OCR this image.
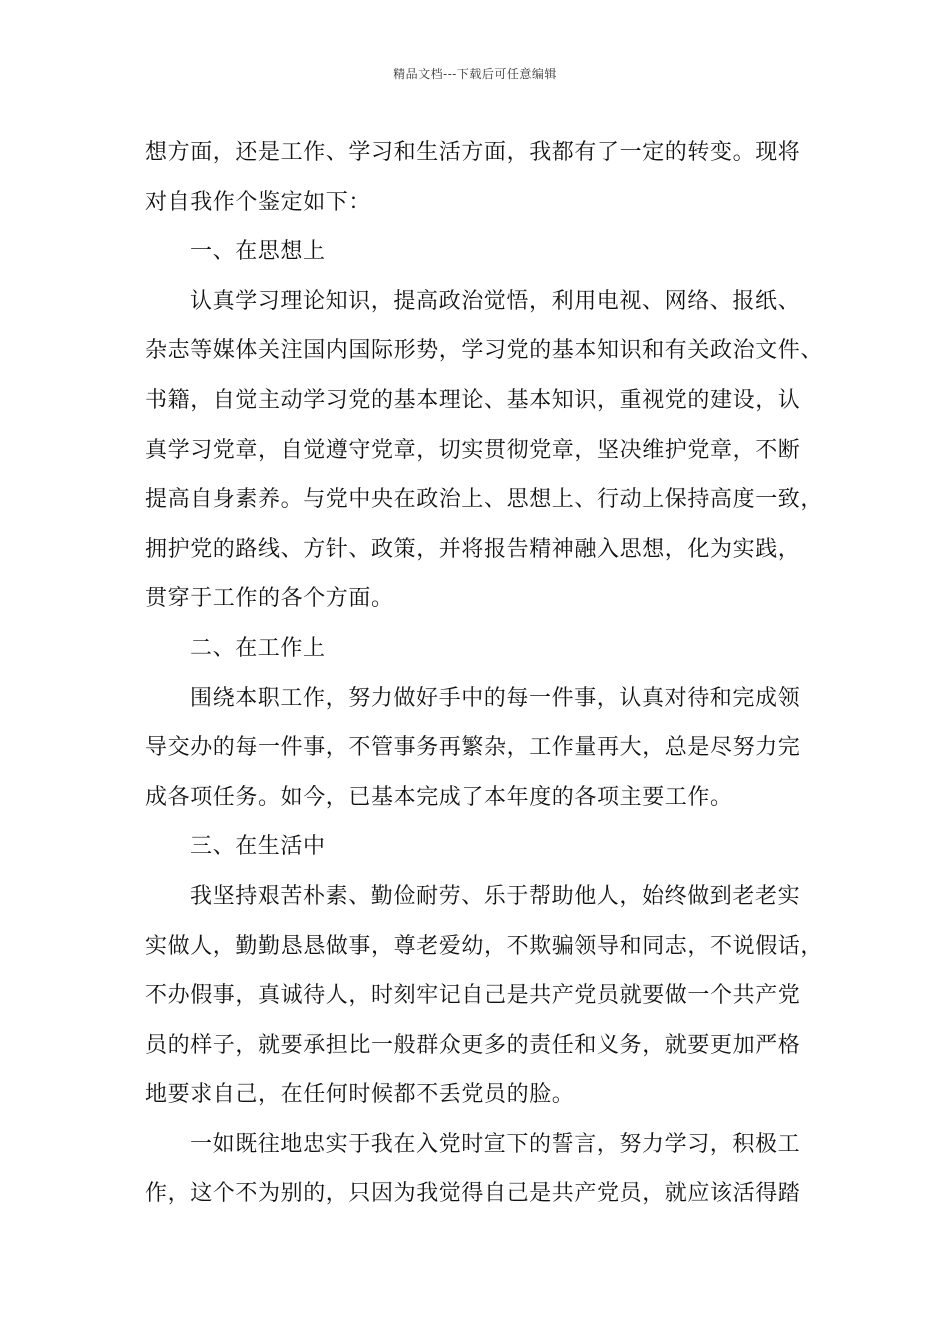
精品文档---下载后可任意编辑
想方面，还是工作、学习和生活方面，我都有了一定的转变。现将
对自我作个鉴定如下：
一、在思想上
认真学习理论知识，提高政治觉悟，利用电视、网络、报纸、
杂志等媒体关注国内国际形势，学习党的基本知识和有关政治文件、
书籍，自觉主动学习党的基本理论、基本知识，重视党的建设，认
真学习党章，自觉遵守党章，切实贯彻党章，坚决维护党章，不断
提高自身素养。与党中央在政治上、思想上、行动上保持高度一致，
拥护党的路线、方针、政策，并将报告精神融入思想，化为实践，
贯穿于工作的各个方面。
二、在工作上
围绕本职工作，努力做好手中的每一件事，认真对待和完成领
导交办的每一件事，不管事务再繁杂，工作量再大，总是尽努力完
成各项任务。如今，已基本完成了本年度的各项主要工作。
三、在生活中
我坚持艰苦朴素、勤俭耐劳、乐于帮助他人，始终做到老老实
实做人，勤勤恳恳做事，尊老爱幼，不欺骗领导和同志，不说假话，
不办假事，真诚待人，时刻牢记自己是共产党员就要做一个共产党
员的样子，就要承担比一般群众更多的责任和义务，就要更加严格
地要求自己，在任何时候都不丢党员的脸。
一如既往地忠实于我在入党时宣下的誓言，努力学习，积极工
作，这个不为别的，只因为我觉得自己是共产党员，就应该活得踏
